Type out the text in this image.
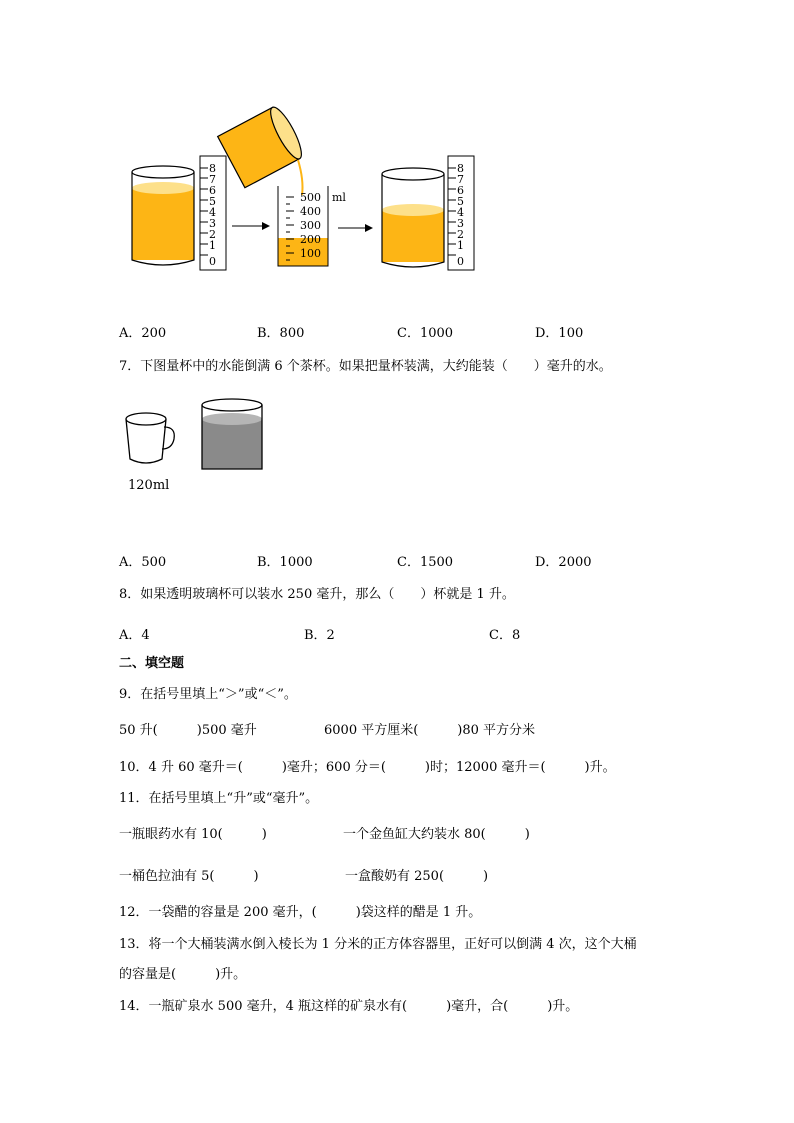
8
7
6
5
4
3
2
1
0
500
400
300
200
100
ml
8
7
6
5
4
3
2
1
0
A．200	B．800	C．1000	D．100
7．下图量杯中的水能倒满 6 个茶杯。如果把量杯装满，大约能装（　　）毫升的水。
120ml
A．500	B．1000	C．1500	D．2000
8．如果透明玻璃杯可以装水 250 毫升，那么（　　）杯就是 1 升。
A．4	B．2	C．8
二、填空题
9．在括号里填上“＞”或“＜”。
50 升(　　　)500 毫升	6000 平方厘米(　　　)80 平方分米
10．4 升 60 毫升＝(　　　)毫升；600 分＝(　　　)时；12000 毫升＝(　　　)升。
11．在括号里填上“升”或“毫升”。
一瓶眼药水有 10(　　　)	一个金鱼缸大约装水 80(　　　)
一桶色拉油有 5(　　　)	一盒酸奶有 250(　　　)
12．一袋醋的容量是 200 毫升，(　　　)袋这样的醋是 1 升。
13．将一个大桶装满水倒入棱长为 1 分米的正方体容器里，正好可以倒满 4 次，这个大桶
的容量是(　　　)升。
14．一瓶矿泉水 500 毫升，4 瓶这样的矿泉水有(　　　)毫升，合(　　　)升。
